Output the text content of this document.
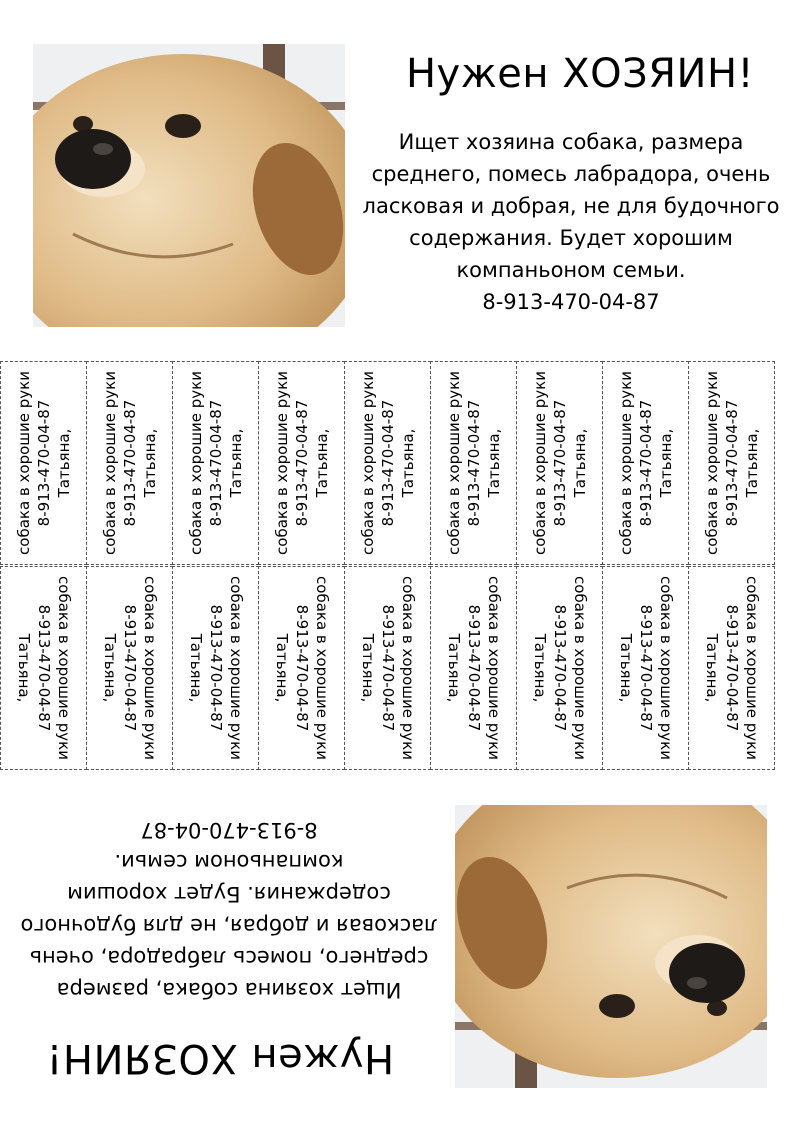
Нужен ХОЗЯИН!
Ищет хозяина собака, размера среднего, помесь лабрадора, очень ласковая и добрая, не для будочного содержания. Будет хорошим компаньоном семьи.
8-913-470-04-87
собака в хорошие руки 8-913-470-04-87 Татьяна, собака в хорошие руки 8-913-470-04-87 Татьяна, собака в хорошие руки 8-913-470-04-87 Татьяна, собака в хорошие руки 8-913-470-04-87 Татьяна, собака в хорошие руки 8-913-470-04-87 Татьяна, собака в хорошие руки 8-913-470-04-87 Татьяна, собака в хорошие руки 8-913-470-04-87 Татьяна, собака в хорошие руки 8-913-470-04-87 Татьяна, собака в хорошие руки 8-913-470-04-87 Татьяна,
собака в хорошие руки
8-913-470-04-87
Татьяна,	собака в хорошие руки
8-913-470-04-87
Татьяна,	собака в хорошие руки
8-913-470-04-87
Татьяна,	собака в хорошие руки
8-913-470-04-87
Татьяна,	собака в хорошие руки
8-913-470-04-87
Татьяна,	собака в хорошие руки
8-913-470-04-87
Татьяна,	собака в хорошие руки
8-913-470-04-87
Татьяна,	собака в хорошие руки
8-913-470-04-87
Татьяна,	собака в хорошие руки
8-913-470-04-87
Татьяна,
Нужен ХОЗЯИН!
Ищет хозяина собака, размера среднего, помесь лабрадора, очень ласковая и добрая, не для будочного содержания. Будет хорошим компаньоном семьи.
8-913-470-04-87
